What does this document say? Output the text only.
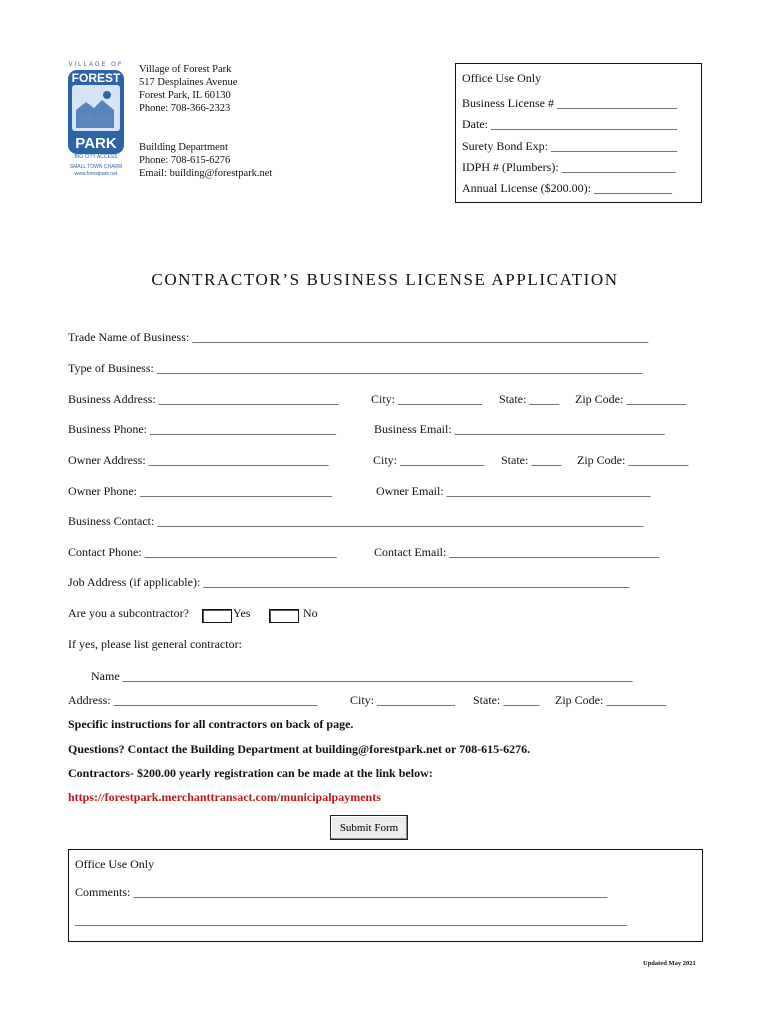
VILLAGE OF
FOREST
PARK
BIG CITY ACCESS
SMALL TOWN CHARM
www.forestpark.net
Village of Forest Park
517 Desplaines Avenue
Forest Park, IL 60130
Phone: 708-366-2323
Building Department
Phone: 708-615-6276
Email: building@forestpark.net
Office Use Only
Business License # ____________________
Date: _______________________________
Surety Bond Exp: _____________________
IDPH # (Plumbers): ___________________
Annual License ($200.00): _____________
CONTRACTOR’S BUSINESS LICENSE APPLICATION
Trade Name of Business: ____________________________________________________________________________
Type of Business: _________________________________________________________________________________
Business Address: ______________________________	City: ______________ State: _____ Zip Code: __________
Business Phone: _______________________________	Business Email: ___________________________________
Owner Address: ______________________________	City: ______________ State: _____ Zip Code: __________
Owner Phone: ________________________________	Owner Email: __________________________________
Business Contact: _________________________________________________________________________________
Contact Phone: ________________________________	Contact Email: ___________________________________
Job Address (if applicable): _______________________________________________________________________
Are you a subcontractor?	Yes	No
If yes, please list general contractor:
Name _____________________________________________________________________________________
Address: __________________________________	City: _____________ State: ______ Zip Code: __________
Specific instructions for all contractors on back of page.
Questions? Contact the Building Department at building@forestpark.net or 708-615-6276.
Contractors- $200.00 yearly registration can be made at the link below:
https://forestpark.merchanttransact.com/municipalpayments
Submit Form
Office Use Only
Comments: _______________________________________________________________________________
____________________________________________________________________________________________
Updated May 2021
